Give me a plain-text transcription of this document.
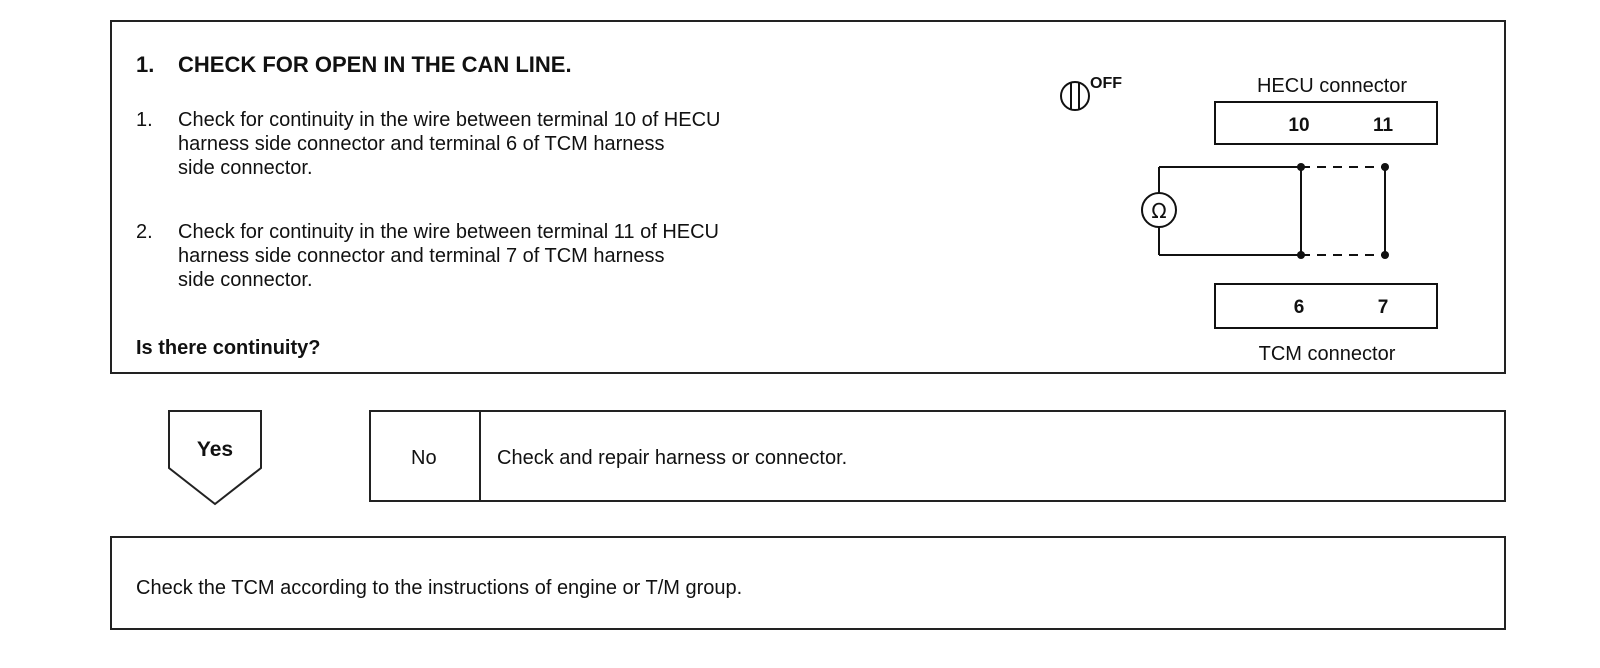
1. CHECK FOR OPEN IN THE CAN LINE.
1. Check for continuity in the wire between terminal 10 of HECU
harness side connector and terminal 6 of TCM harness
side connector.
2. Check for continuity in the wire between terminal 11 of HECU
harness side connector and terminal 7 of TCM harness
side connector.
Is there continuity?
OFF	HECU connector
10	11
Ω
6	7
TCM connector
Yes	No	Check and repair harness or connector.
Check the TCM according to the instructions of engine or T/M group.
